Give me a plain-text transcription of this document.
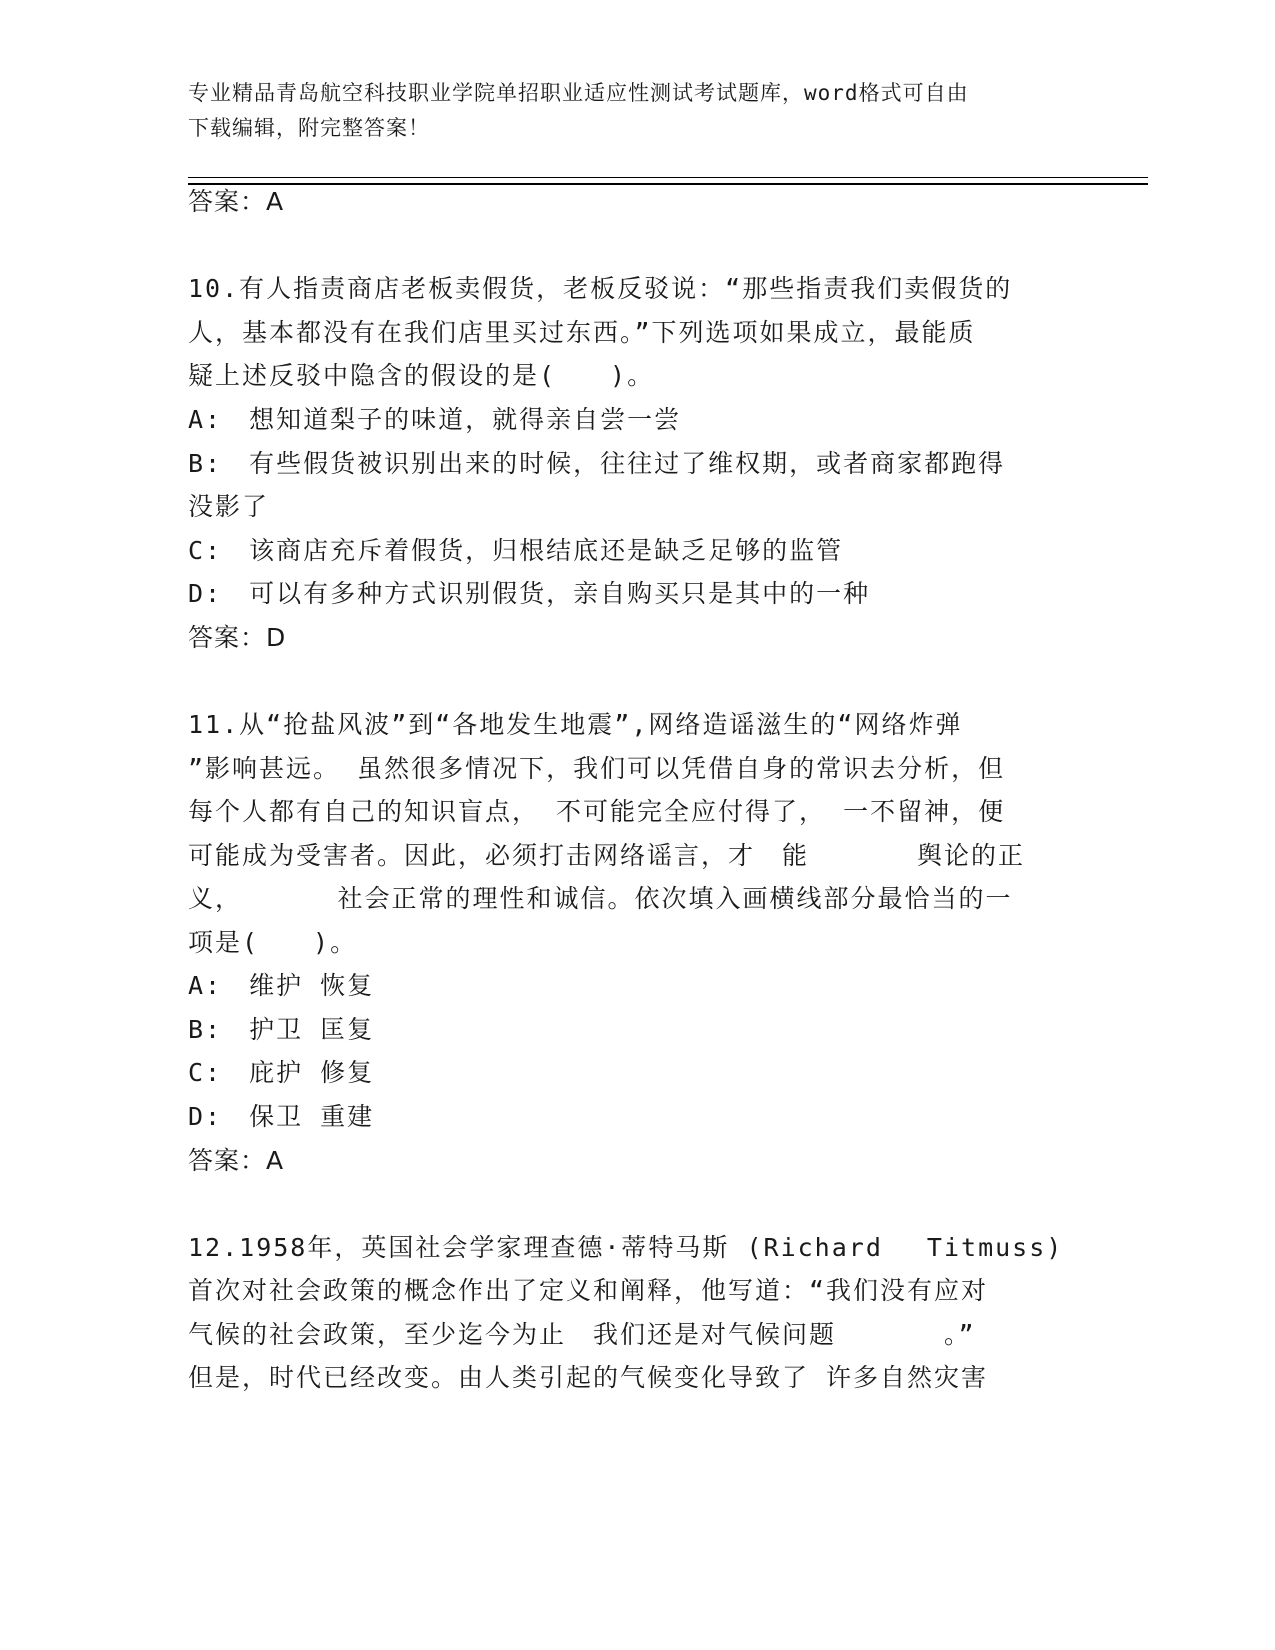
专业精品青岛航空科技职业学院单招职业适应性测试考试题库，word格式可自由
下载编辑，附完整答案！
答案：A
10.有人指责商店老板卖假货，老板反驳说：“那些指责我们卖假货的
人，基本都没有在我们店里买过东西。”下列选项如果成立，最能质
疑上述反驳中隐含的假设的是(　　)。
A:　想知道梨子的味道，就得亲自尝一尝
B:　有些假货被识别出来的时候，往往过了维权期，或者商家都跑得
没影了
C:　该商店充斥着假货，归根结底还是缺乏足够的监管
D:　可以有多种方式识别假货，亲自购买只是其中的一种
答案：D
11.从“抢盐风波”到“各地发生地震”,网络造谣滋生的“网络炸弹
”影响甚远。 虽然很多情况下，我们可以凭借自身的常识去分析，但
每个人都有自己的知识盲点， 不可能完全应付得了， 一不留神，便
可能成为受害者。因此，必须打击网络谣言，才　能　　　　舆论的正
义，　　　　社会正常的理性和诚信。依次填入画横线部分最恰当的一
项是(　　)。
A:　维护 恢复
B:　护卫 匡复
C:　庇护 修复
D:　保卫 重建
答案：A
12.1958年，英国社会学家理查德·蒂特马斯 (Richard　 Titmuss)
首次对社会政策的概念作出了定义和阐释，他写道：“我们没有应对
气候的社会政策，至少迄今为止　我们还是对气候问题　　　　。”
但是，时代已经改变。由人类引起的气候变化导致了 许多自然灾害
